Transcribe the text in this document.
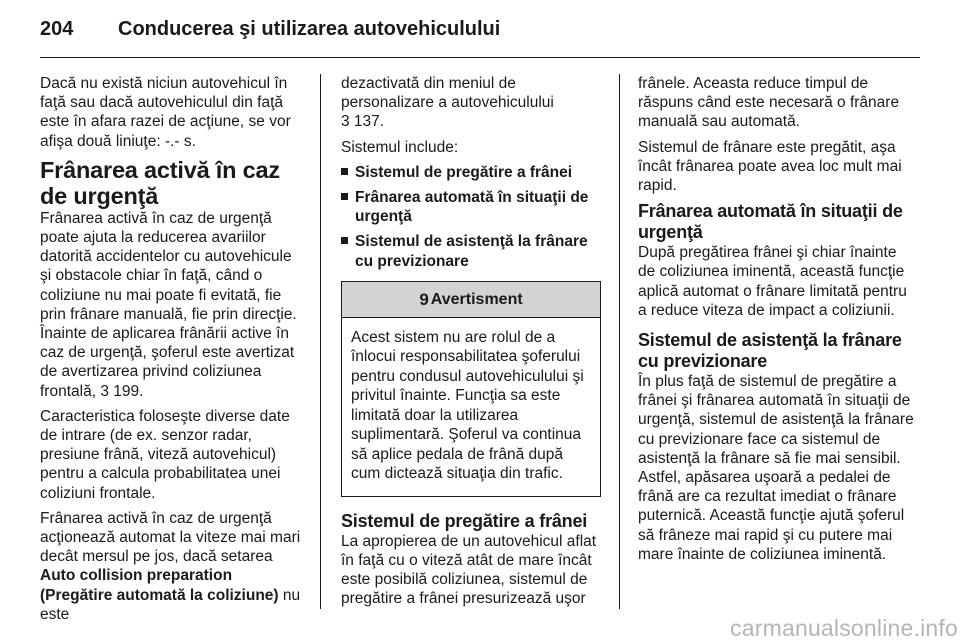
204 Conducerea şi utilizarea autovehiculului

Dacă nu există niciun autovehicul în faţă sau dacă autovehiculul din faţă este în afara razei de acţiune, se vor afişa două liniuţe: -.- s.

Frânarea activă în caz de urgenţă

Frânarea activă în caz de urgenţă poate ajuta la reducerea avariilor datorită accidentelor cu autovehicule şi obstacole chiar în faţă, când o coliziune nu mai poate fi evitată, fie prin frânare manuală, fie prin direcţie. Înainte de aplicarea frânării active în caz de urgenţă, şoferul este avertizat de avertizarea privind coliziunea frontală, 3 199.

Caracteristica foloseşte diverse date de intrare (de ex. senzor radar, presiune frână, viteză autovehicul) pentru a calcula probabilitatea unei coliziuni frontale.

Frânarea activă în caz de urgenţă acţionează automat la viteze mai mari decât mersul pe jos, dacă setarea Auto collision preparation (Pregătire automată la coliziune) nu este

dezactivată din meniul de personalizare a autovehiculului
3 137.

Sistemul include:

Sistemul de pregătire a frânei
Frânarea automată în situaţii de urgenţă
Sistemul de asistenţă la frânare cu previzionare
9 Avertisment
Acest sistem nu are rolul de a înlocui responsabilitatea şoferului pentru condusul autovehiculului şi privitul înainte. Funcţia sa este limitată doar la utilizarea suplimentară. Şoferul va continua să aplice pedala de frână după cum dictează situaţia din trafic.
Sistemul de pregătire a frânei

La apropierea de un autovehicul aflat în faţă cu o viteză atât de mare încât este posibilă coliziunea, sistemul de pregătire a frânei presurizează uşor

frânele. Aceasta reduce timpul de răspuns când este necesară o frânare manuală sau automată.

Sistemul de frânare este pregătit, aşa încât frânarea poate avea loc mult mai rapid.

Frânarea automată în situaţii de urgenţă

După pregătirea frânei şi chiar înainte de coliziunea iminentă, această funcţie aplică automat o frânare limitată pentru a reduce viteza de impact a coliziunii.

Sistemul de asistenţă la frânare cu previzionare

În plus faţă de sistemul de pregătire a frânei şi frânarea automată în situaţii de urgenţă, sistemul de asistenţă la frânare cu previzionare face ca sistemul de asistenţă la frânare să fie mai sensibil. Astfel, apăsarea uşoară a pedalei de frână are ca rezultat imediat o frânare puternică. Această funcţie ajută şoferul să frâneze mai rapid şi cu putere mai mare înainte de coliziunea iminentă.

carmanualsonline.info
